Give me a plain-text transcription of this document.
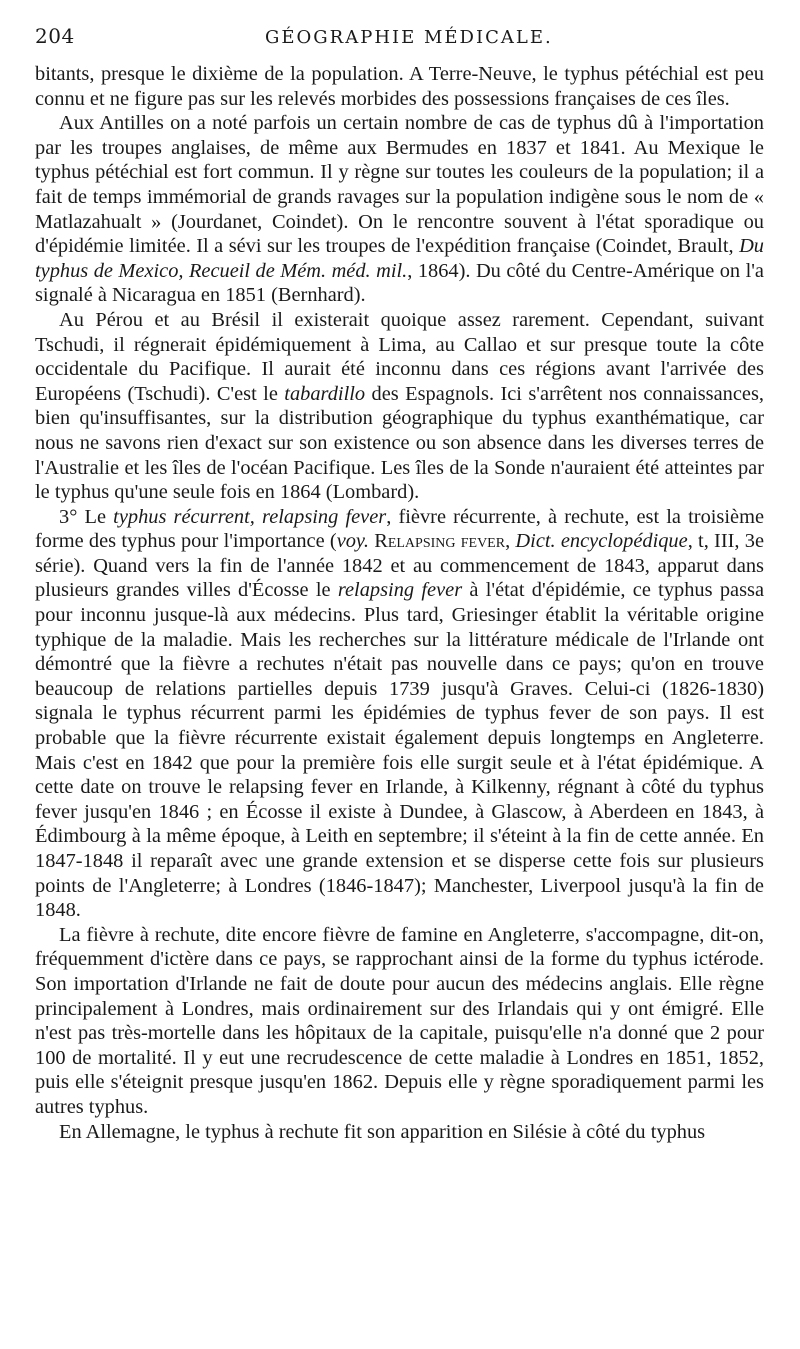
204	GÉOGRAPHIE MÉDICALE.

bitants, presque le dixième de la population. A Terre-Neuve, le typhus pétéchial est peu connu et ne figure pas sur les relevés morbides des possessions françaises de ces îles.

Aux Antilles on a noté parfois un certain nombre de cas de typhus dû à l'importation par les troupes anglaises, de même aux Bermudes en 1837 et 1841. Au Mexique le typhus pétéchial est fort commun. Il y règne sur toutes les couleurs de la population; il a fait de temps immémorial de grands ravages sur la population indigène sous le nom de « Matlazahualt » (Jourdanet, Coindet). On le rencontre souvent à l'état sporadique ou d'épidémie limitée. Il a sévi sur les troupes de l'expédition française (Coindet, Brault, Du typhus de Mexico, Recueil de Mém. méd. mil., 1864). Du côté du Centre-Amérique on l'a signalé à Nicaragua en 1851 (Bernhard).

Au Pérou et au Brésil il existerait quoique assez rarement. Cependant, suivant Tschudi, il régnerait épidémiquement à Lima, au Callao et sur presque toute la côte occidentale du Pacifique. Il aurait été inconnu dans ces régions avant l'arrivée des Européens (Tschudi). C'est le tabardillo des Espagnols. Ici s'arrêtent nos connaissances, bien qu'insuffisantes, sur la distribution géographique du typhus exanthématique, car nous ne savons rien d'exact sur son existence ou son absence dans les diverses terres de l'Australie et les îles de l'océan Pacifique. Les îles de la Sonde n'auraient été atteintes par le typhus qu'une seule fois en 1864 (Lombard).

3° Le typhus récurrent, relapsing fever, fièvre récurrente, à rechute, est la troisième forme des typhus pour l'importance (voy. Relapsing fever, Dict. encyclopédique, t, III, 3e série). Quand vers la fin de l'année 1842 et au commencement de 1843, apparut dans plusieurs grandes villes d'Écosse le relapsing fever à l'état d'épidémie, ce typhus passa pour inconnu jusque-là aux médecins. Plus tard, Griesinger établit la véritable origine typhique de la maladie. Mais les recherches sur la littérature médicale de l'Irlande ont démontré que la fièvre a rechutes n'était pas nouvelle dans ce pays; qu'on en trouve beaucoup de relations partielles depuis 1739 jusqu'à Graves. Celui-ci (1826-1830) signala le typhus récurrent parmi les épidémies de typhus fever de son pays. Il est probable que la fièvre récurrente existait également depuis longtemps en Angleterre. Mais c'est en 1842 que pour la première fois elle surgit seule et à l'état épidémique. A cette date on trouve le relapsing fever en Irlande, à Kilkenny, régnant à côté du typhus fever jusqu'en 1846 ; en Écosse il existe à Dundee, à Glascow, à Aberdeen en 1843, à Édimbourg à la même époque, à Leith en septembre; il s'éteint à la fin de cette année. En 1847-1848 il reparaît avec une grande extension et se disperse cette fois sur plusieurs points de l'Angleterre; à Londres (1846-1847); Manchester, Liverpool jusqu'à la fin de 1848.

La fièvre à rechute, dite encore fièvre de famine en Angleterre, s'accompagne, dit-on, fréquemment d'ictère dans ce pays, se rapprochant ainsi de la forme du typhus ictérode. Son importation d'Irlande ne fait de doute pour aucun des médecins anglais. Elle règne principalement à Londres, mais ordinairement sur des Irlandais qui y ont émigré. Elle n'est pas très-mortelle dans les hôpitaux de la capitale, puisqu'elle n'a donné que 2 pour 100 de mortalité. Il y eut une recrudescence de cette maladie à Londres en 1851, 1852, puis elle s'éteignit presque jusqu'en 1862. Depuis elle y règne sporadiquement parmi les autres typhus.

En Allemagne, le typhus à rechute fit son apparition en Silésie à côté du typhus
